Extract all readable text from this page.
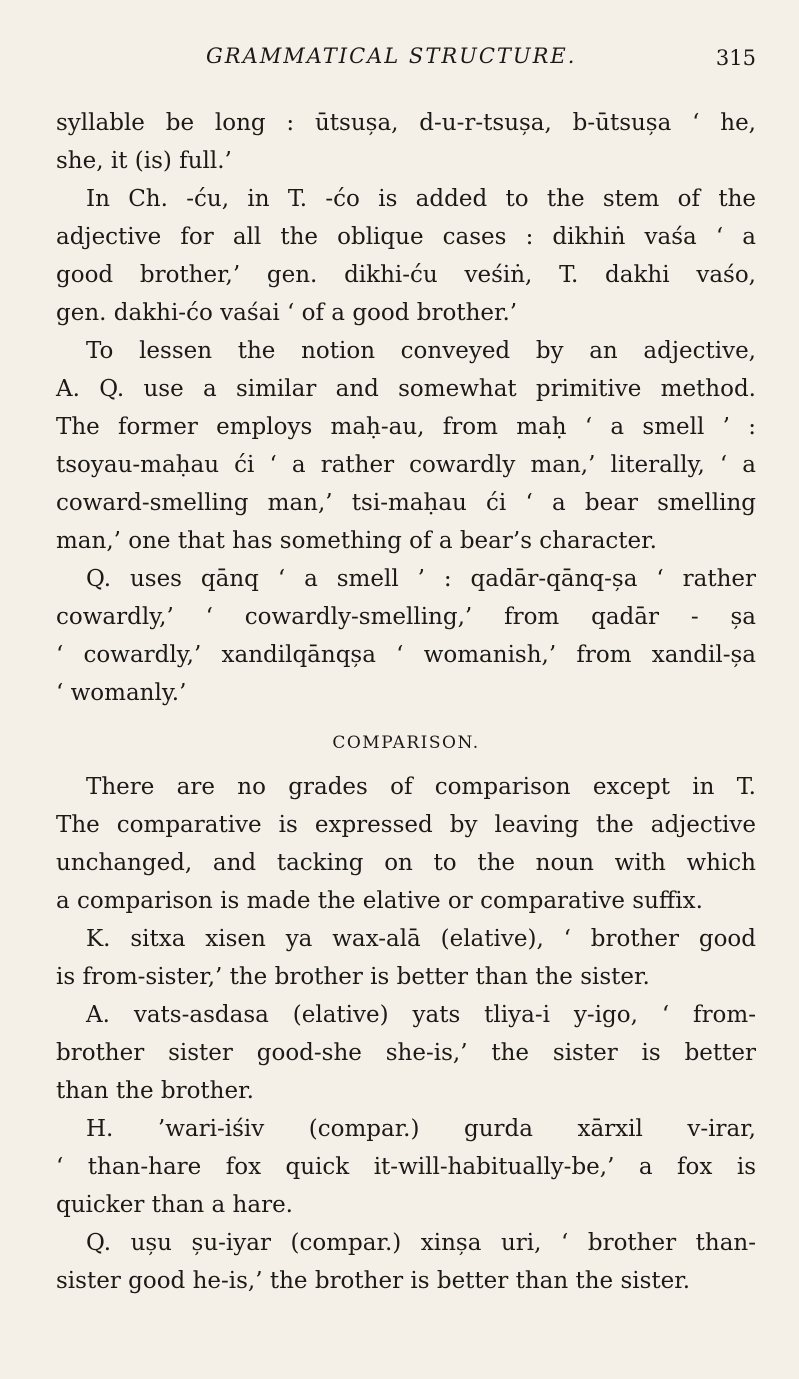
GRAMMATICAL STRUCTURE.	315

syllable be long : ūtsușa, d-u-r-tsușa, b-ūtsușa ‘ he,
she, it (is) full.’

In Ch. -ću, in T. -ćo is added to the stem of the
adjective for all the oblique cases : dikhiṅ vaśa ‘ a
good brother,’ gen. dikhi-ću veśiṅ, T. dakhi vaśo,
gen. dakhi-ćo vaśai ‘ of a good brother.’

To lessen the notion conveyed by an adjective,
A. Q. use a similar and somewhat primitive method.
The former employs maḥ-au, from maḥ ‘ a smell ’ :
tsoyau-maḥau ći ‘ a rather cowardly man,’ literally, ‘ a
coward-smelling man,’ tsi-maḥau ći ‘ a bear smelling
man,’ one that has something of a bear’s character.

Q. uses qānq ‘ a smell ’ : qadār-qānq-șa ‘ rather
cowardly,’ ‘ cowardly-smelling,’ from qadār - șa
‘ cowardly,’ xandilqānqșa ‘ womanish,’ from xandil-șa
‘ womanly.’

COMPARISON.

There are no grades of comparison except in T.
The comparative is expressed by leaving the adjective
unchanged, and tacking on to the noun with which
a comparison is made the elative or comparative suffix.

K. sitxa xisen ya wax-alā (elative), ‘ brother good
is from-sister,’ the brother is better than the sister.

A. vats-asdasa (elative) yats tliya-i y-igo, ‘ from-
brother sister good-she she-is,’ the sister is better
than the brother.

H. ’wari-iśiv (compar.) gurda xārxil v-irar,
‘ than-hare fox quick it-will-habitually-be,’ a fox is
quicker than a hare.

Q. ușu șu-iyar (compar.) xinșa uri, ‘ brother than-
sister good he-is,’ the brother is better than the sister.
